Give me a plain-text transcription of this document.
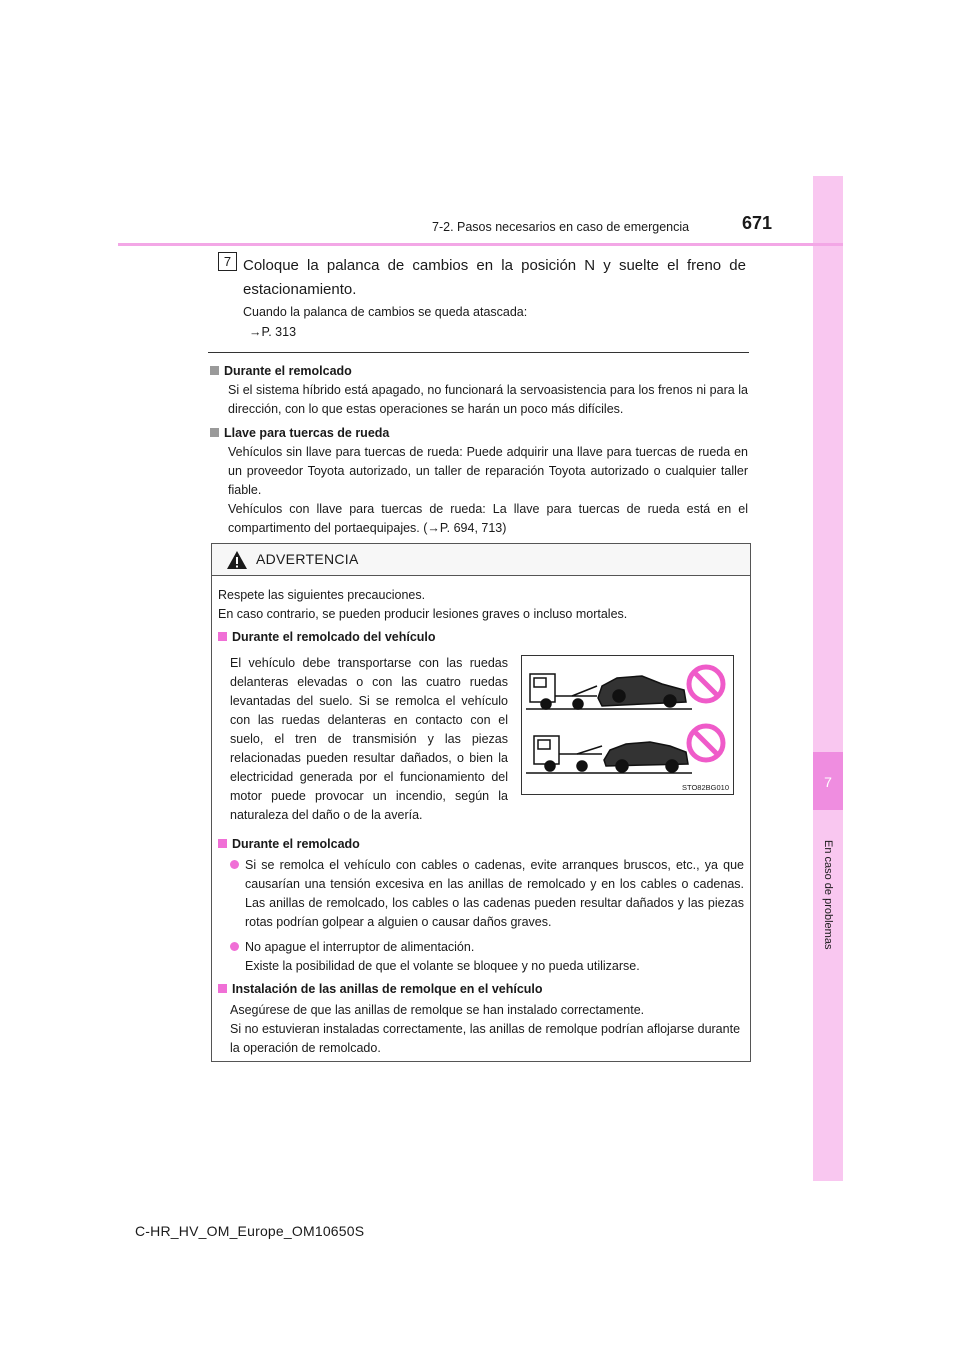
7
En caso de problemas
7-2. Pasos necesarios en caso de emergencia	671
7 Coloque la palanca de cambios en la posición N y suelte el freno de estacionamiento.
Cuando la palanca de cambios se queda atascada:
→P. 313
Durante el remolcado
Si el sistema híbrido está apagado, no funcionará la servoasistencia para los frenos ni para la dirección, con lo que estas operaciones se harán un poco más difíciles.
Llave para tuercas de rueda
Vehículos sin llave para tuercas de rueda: Puede adquirir una llave para tuercas de rueda en un proveedor Toyota autorizado, un taller de reparación Toyota autorizado o cualquier taller fiable.
Vehículos con llave para tuercas de rueda: La llave para tuercas de rueda está en el compartimento del portaequipajes. (→P. 694, 713)
ADVERTENCIA
Respete las siguientes precauciones.
En caso contrario, se pueden producir lesiones graves o incluso mortales.
Durante el remolcado del vehículo
El vehículo debe transportarse con las ruedas delanteras elevadas o con las cuatro ruedas levantadas del suelo. Si se remolca el vehículo con las ruedas delanteras en contacto con el suelo, el tren de transmisión y las piezas relacionadas pueden resultar dañados, o bien la electricidad generada por el funcionamiento del motor puede provocar un incendio, según la naturaleza del daño o de la avería.
Durante el remolcado
Si se remolca el vehículo con cables o cadenas, evite arranques bruscos, etc., ya que causarían una tensión excesiva en las anillas de remolcado y en los cables o cadenas. Las anillas de remolcado, los cables o las cadenas pueden resultar dañados y las piezas rotas podrían golpear a alguien o causar daños graves.
No apague el interruptor de alimentación.
Existe la posibilidad de que el volante se bloquee y no pueda utilizarse.
Instalación de las anillas de remolque en el vehículo
Asegúrese de que las anillas de remolque se han instalado correctamente.
Si no estuvieran instaladas correctamente, las anillas de remolque podrían aflojarse durante la operación de remolcado.
STO82BG010
C-HR_HV_OM_Europe_OM10650S
